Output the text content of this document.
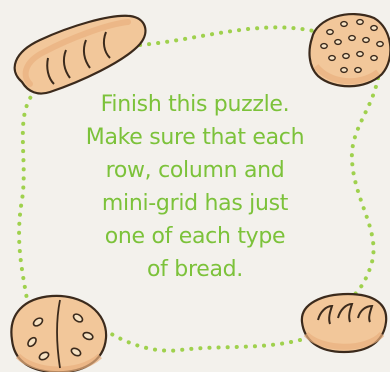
Finish this puzzle.
Make sure that each
row, column and
mini-grid has just
one of each type
of bread.
